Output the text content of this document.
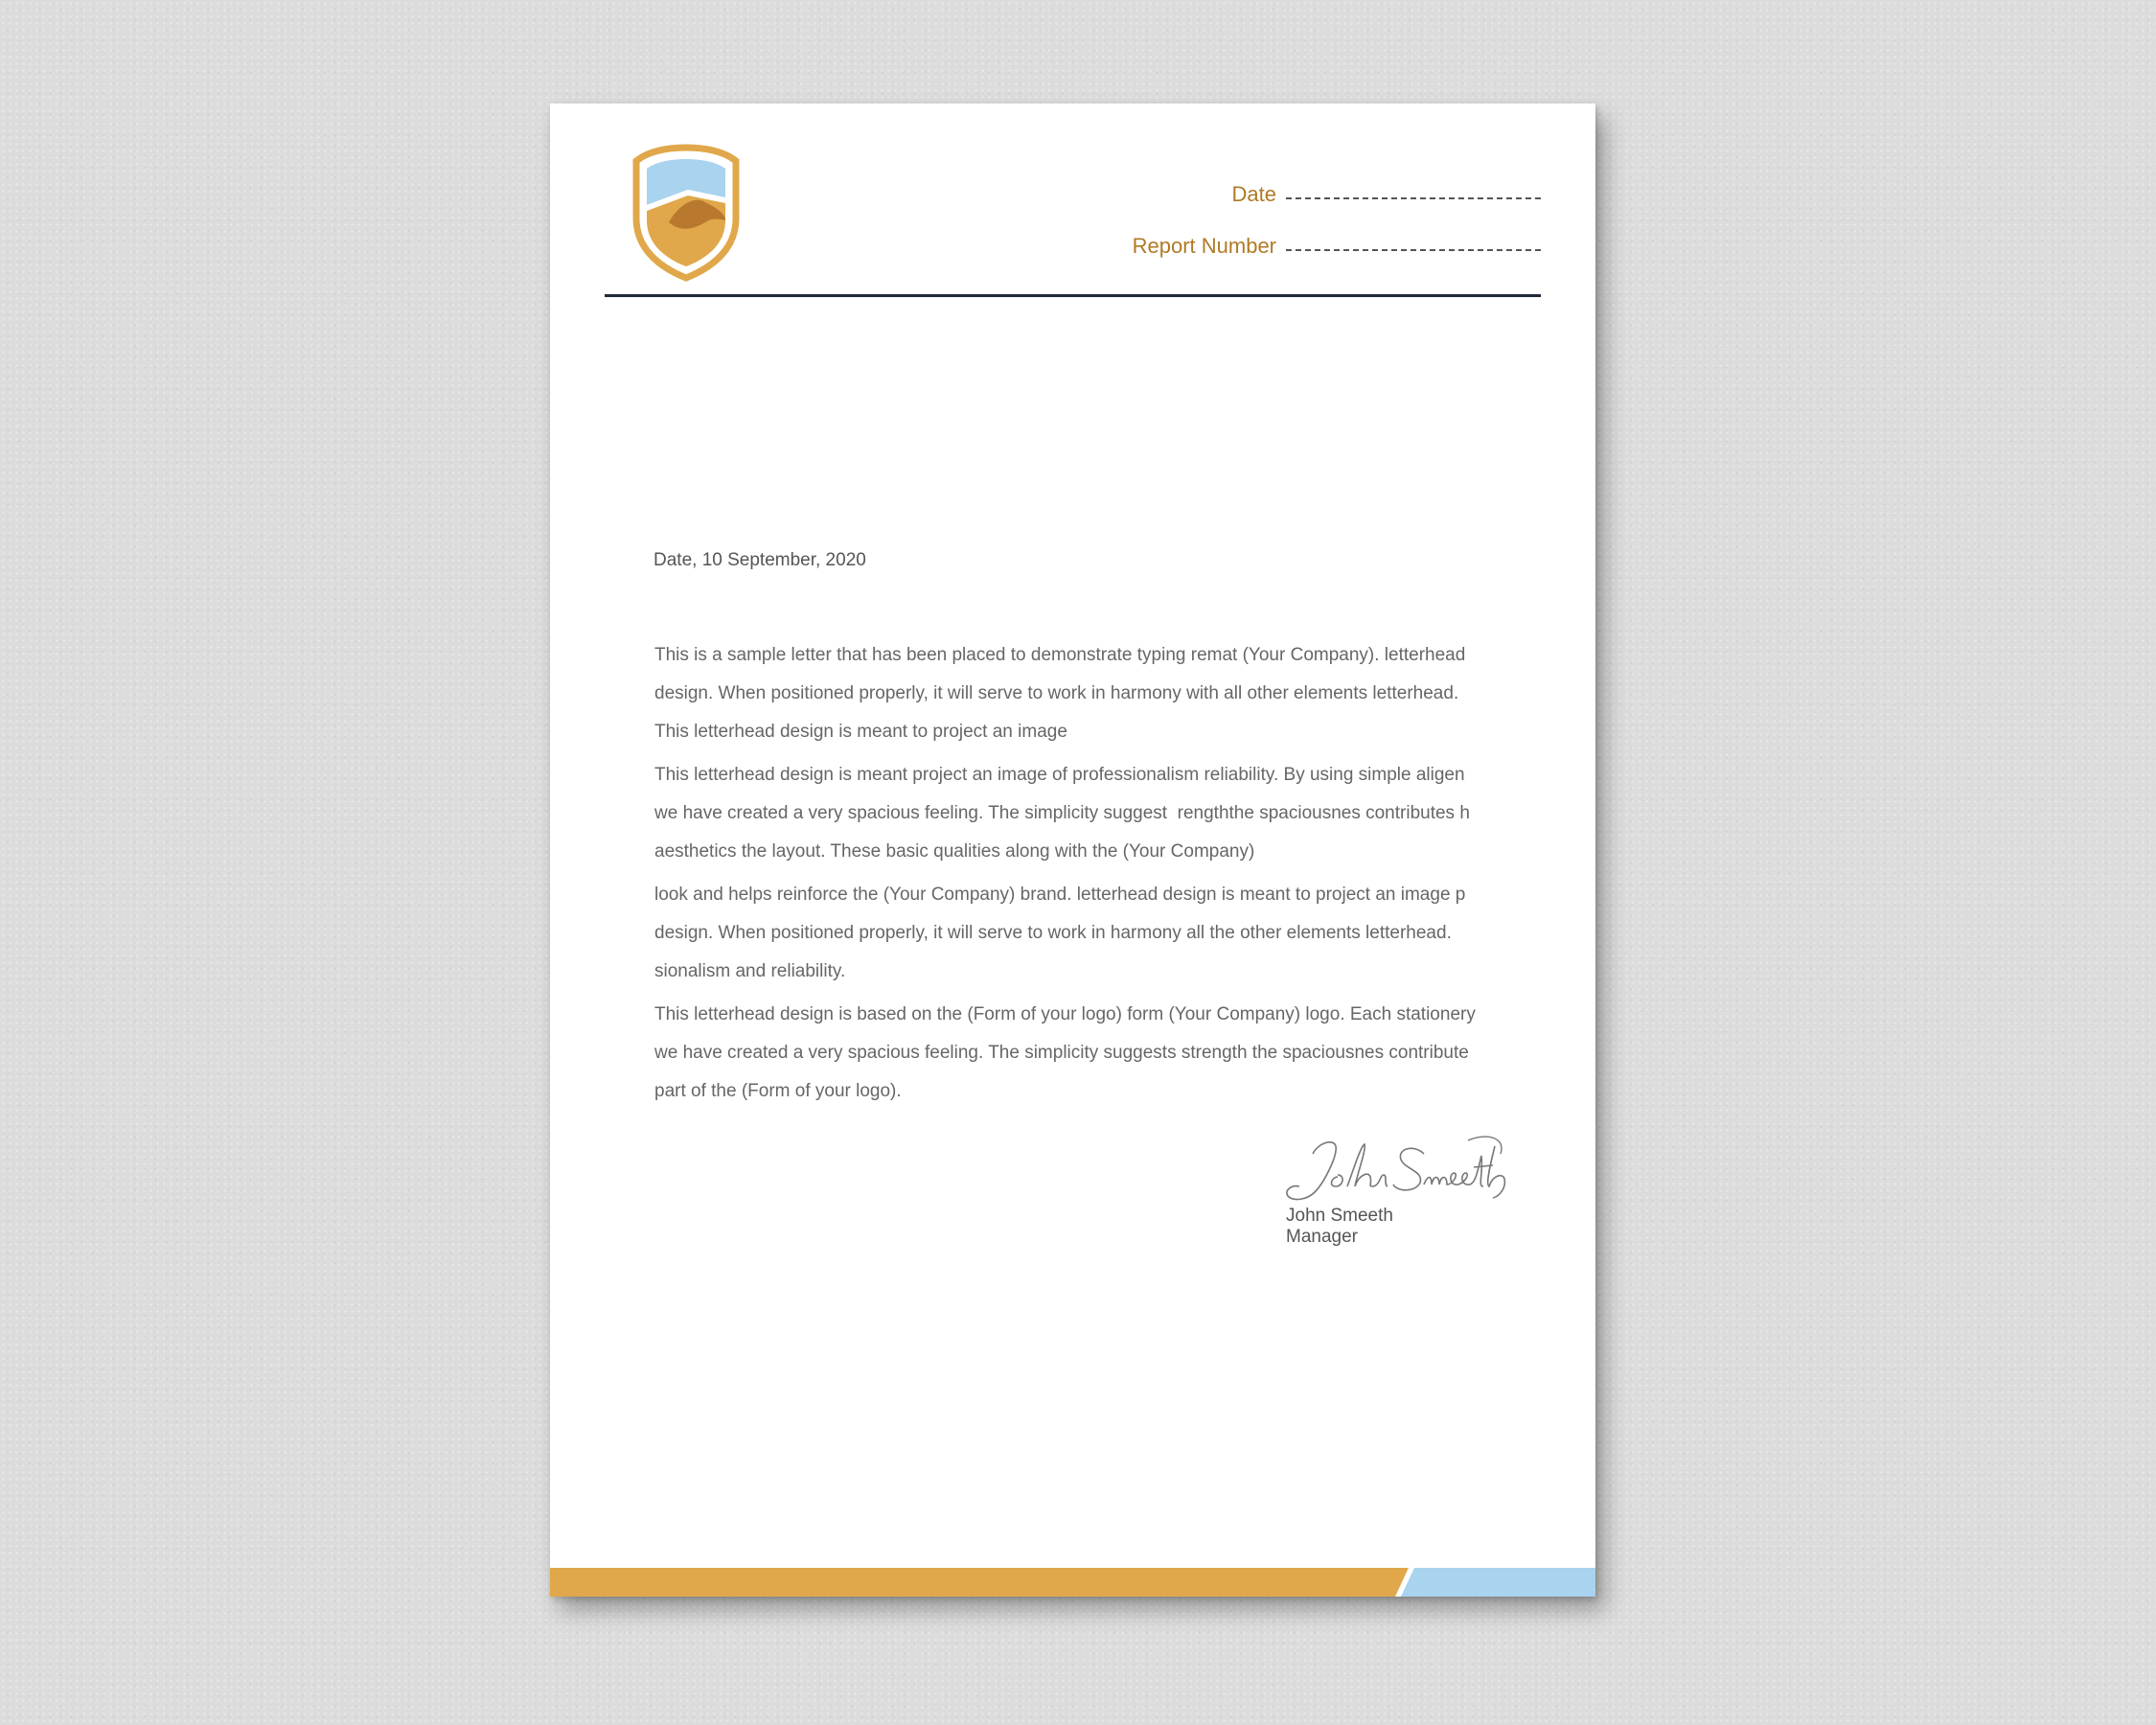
Date
Report Number
Date, 10 September, 2020

This is a sample letter that has been placed to demonstrate typing remat (Your Company). letterhead
design. When positioned properly, it will serve to work in harmony with all other elements letterhead.
This letterhead design is meant to project an image

This letterhead design is meant project an image of professionalism reliability. By using simple aligen
we have created a very spacious feeling. The simplicity suggest  rengththe spaciousnes contributes h
aesthetics the layout. These basic qualities along with the (Your Company)

look and helps reinforce the (Your Company) brand. letterhead design is meant to project an image p
design. When positioned properly, it will serve to work in harmony all the other elements letterhead.
sionalism and reliability.

This letterhead design is based on the (Form of your logo) form (Your Company) logo. Each stationery
we have created a very spacious feeling. The simplicity suggests strength the spaciousnes contribute
part of the (Form of your logo).

John Smeeth
Manager
